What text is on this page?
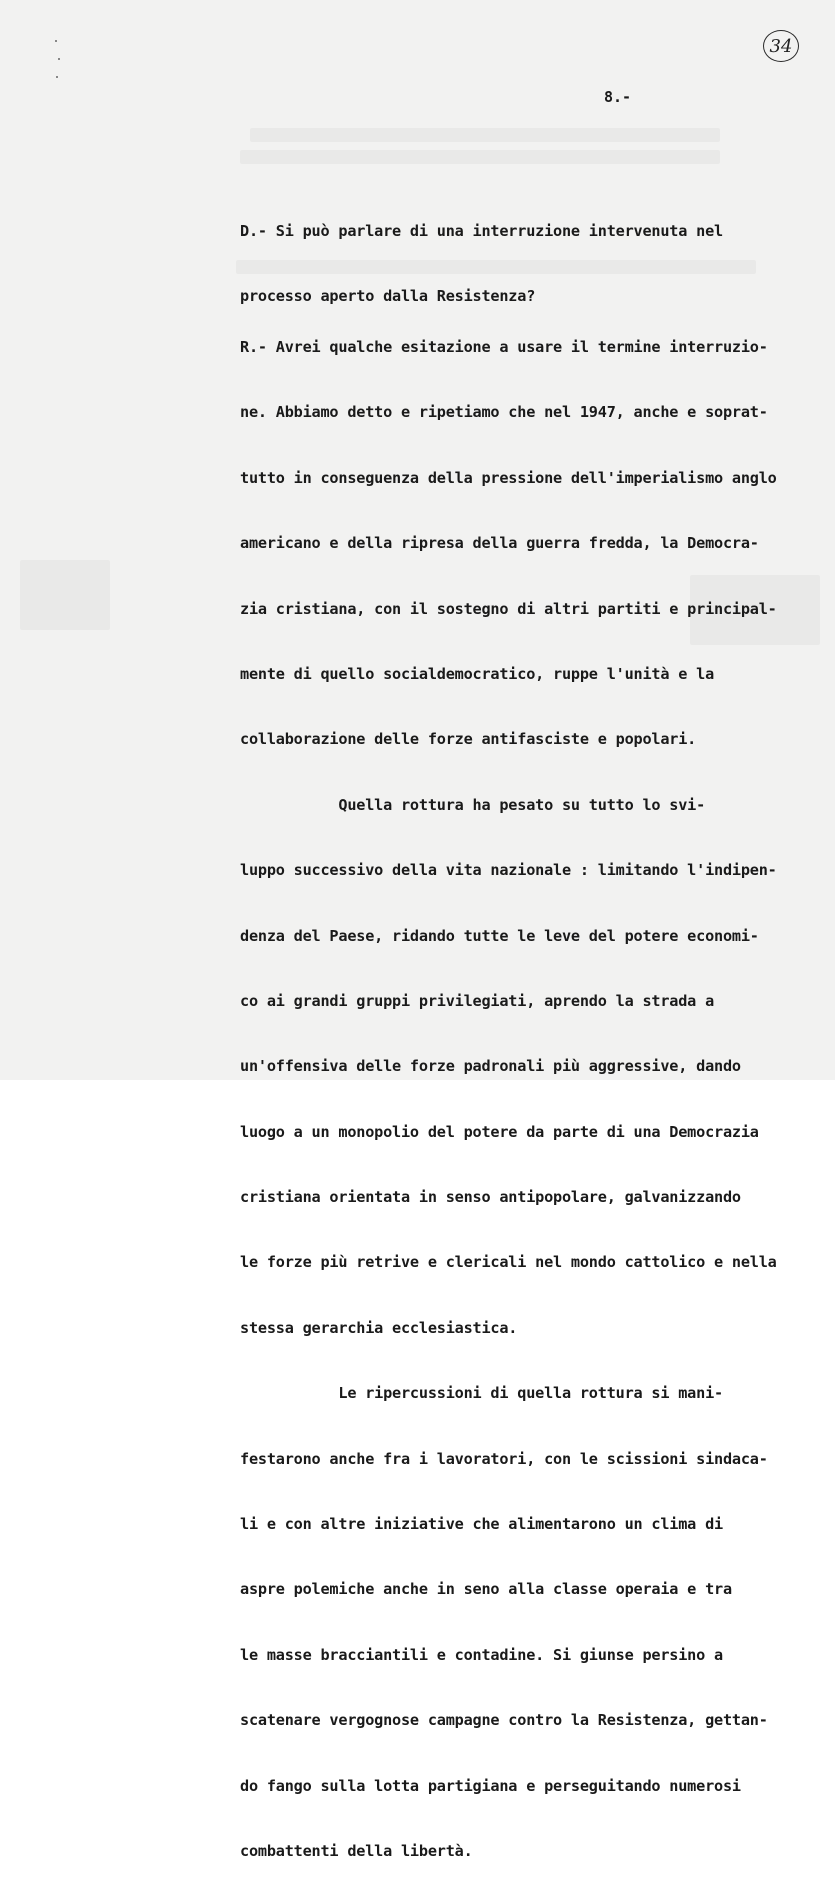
34
8.-

D.- Si può parlare di una interruzione intervenuta nel

processo aperto dalla Resistenza?

R.- Avrei qualche esitazione a usare il termine interruzio-

ne. Abbiamo detto e ripetiamo che nel 1947, anche e soprat-

tutto in conseguenza della pressione dell'imperialismo anglo

americano e della ripresa della guerra fredda, la Democra-

zia cristiana, con il sostegno di altri partiti e principal-

mente di quello socialdemocratico, ruppe l'unità e la

collaborazione delle forze antifasciste e popolari.

Quella rottura ha pesato su tutto lo svi-

luppo successivo della vita nazionale : limitando l'indipen-

denza del Paese, ridando tutte le leve del potere economi-

co ai grandi gruppi privilegiati, aprendo la strada a

un'offensiva delle forze padronali più aggressive, dando

luogo a un monopolio del potere da parte di una Democrazia

cristiana orientata in senso antipopolare, galvanizzando

le forze più retrive e clericali nel mondo cattolico e nella

stessa gerarchia ecclesiastica.

Le ripercussioni di quella rottura si mani-

festarono anche fra i lavoratori, con le scissioni sindaca-

li e con altre iniziative che alimentarono un clima di

aspre polemiche anche in seno alla classe operaia e tra

le masse bracciantili e contadine. Si giunse persino a

scatenare vergognose campagne contro la Resistenza, gettan-

do fango sulla lotta partigiana e perseguitando numerosi

combattenti della libertà.
